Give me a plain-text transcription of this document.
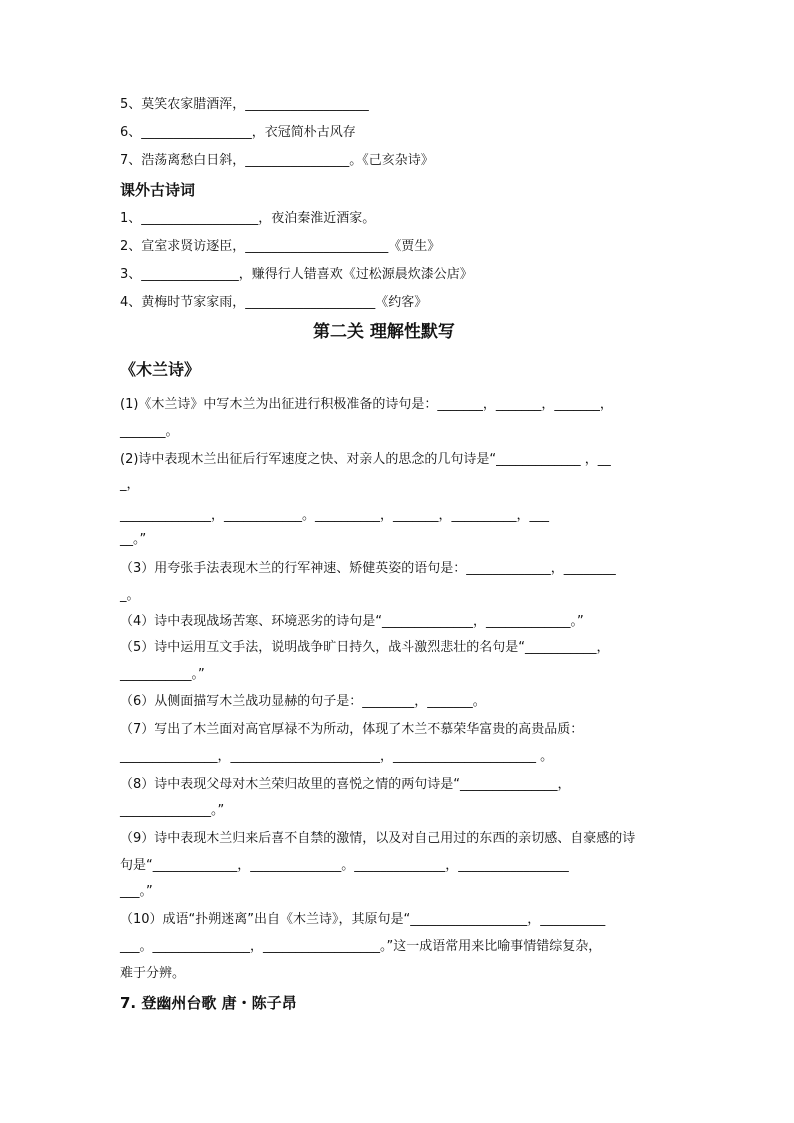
5、莫笑农家腊酒浑，___________________

6、_________________，衣冠简朴古风存

7、浩荡离愁白日斜，________________。《己亥杂诗》

课外古诗词

1、__________________，夜泊秦淮近酒家。

2、宣室求贤访逐臣，______________________《贾生》

3、_______________，赚得行人错喜欢《过松源晨炊漆公店》

4、黄梅时节家家雨，____________________《约客》

第二关 理解性默写

《木兰诗》

(1)《木兰诗》中写木兰为出征进行积极准备的诗句是：_______，_______，_______，

_______。

(2)诗中表现木兰出征后行军速度之快、对亲人的思念的几句诗是“_____________ ，__

_，

______________，____________。__________，_______，__________，___

__。”

（3）用夸张手法表现木兰的行军神速、矫健英姿的语句是：_____________，________

_。

（4）诗中表现战场苦寒、环境恶劣的诗句是“______________，_____________。”

（5）诗中运用互文手法，说明战争旷日持久，战斗激烈悲壮的名句是“___________，

___________。”

（6）从侧面描写木兰战功显赫的句子是：________，_______。

（7）写出了木兰面对高官厚禄不为所动，体现了木兰不慕荣华富贵的高贵品质：

_______________，_______________________，______________________ 。

（8）诗中表现父母对木兰荣归故里的喜悦之情的两句诗是“_______________，

______________。”

（9）诗中表现木兰归来后喜不自禁的激情，以及对自己用过的东西的亲切感、自豪感的诗

句是“_____________，______________。______________，_________________

___。”

（10）成语“扑朔迷离”出自《木兰诗》，其原句是“__________________，__________

___。_______________，__________________。”这一成语常用来比喻事情错综复杂，

难于分辨。

7. 登幽州台歌 唐・陈子昂
